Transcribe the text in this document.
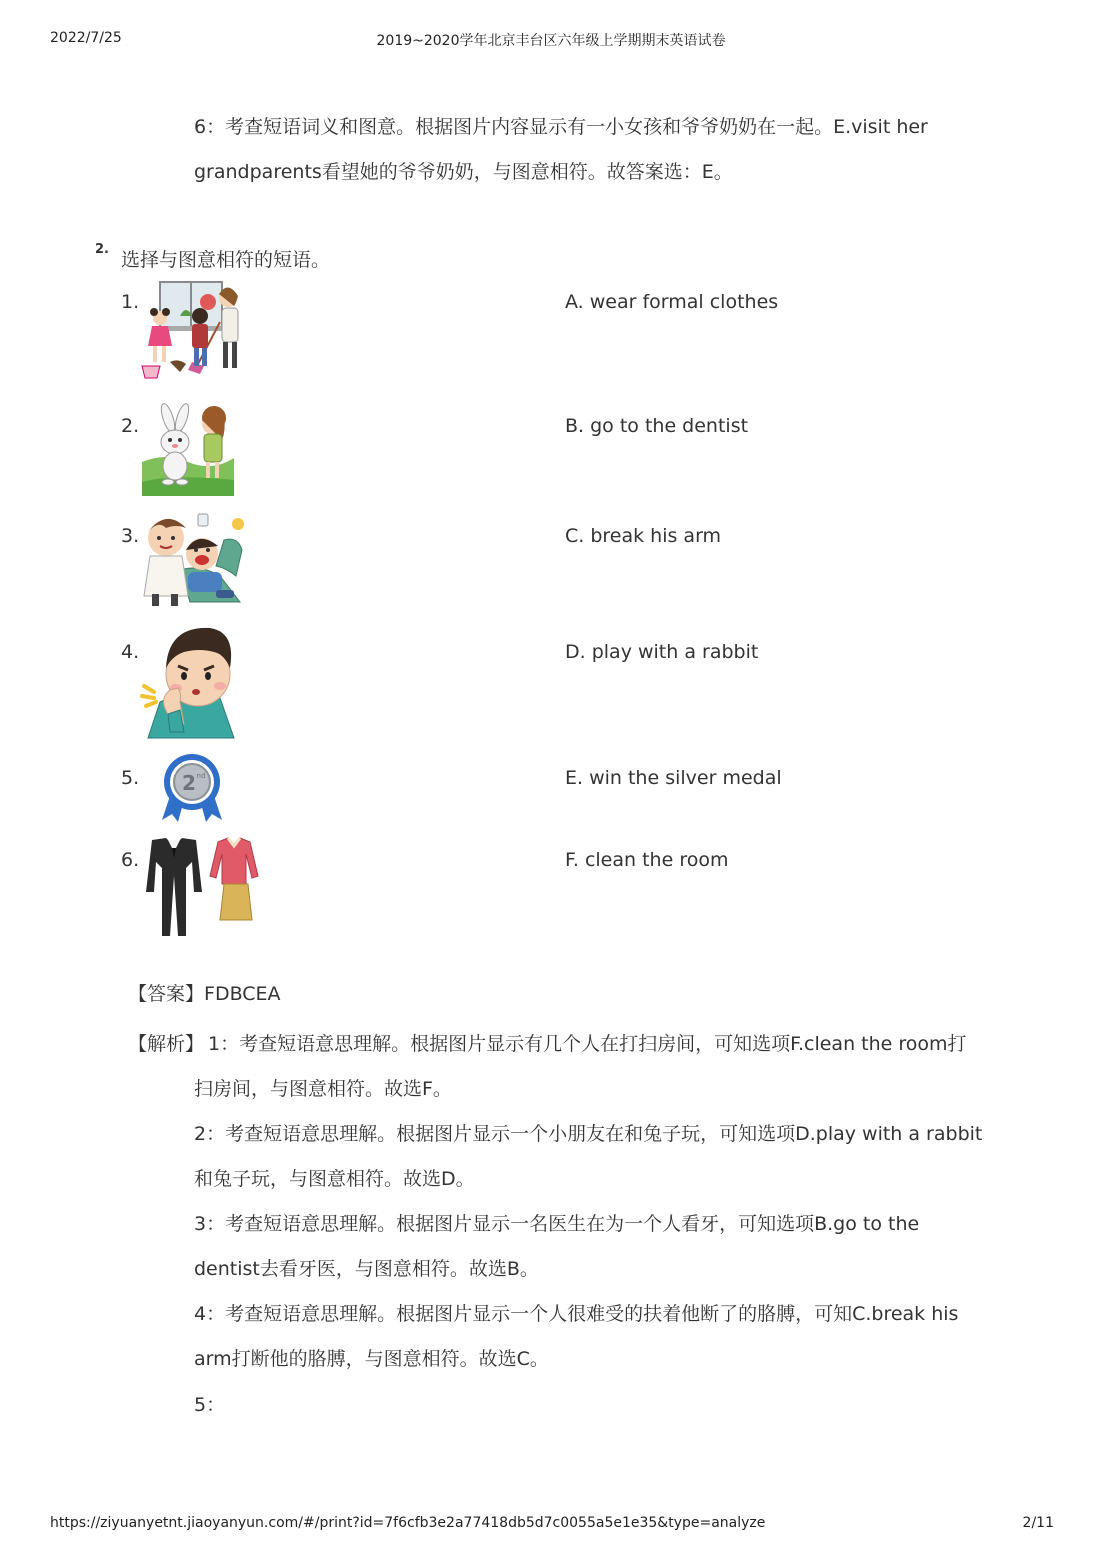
2022/7/25	2019~2020学年北京丰台区六年级上学期期末英语试卷
6：考查短语词义和图意。根据图片内容显示有一小女孩和爷爷奶奶在一起。E.visit her
grandparents看望她的爷爷奶奶，与图意相符。故答案选：E。
2. 选择与图意相符的短语。
1.
2.
3.
4.
5.
6.
2 nd
A. wear formal clothes
B. go to the dentist
C. break his arm
D. play with a rabbit
E. win the silver medal
F. clean the room
【答案】FDBCEA
【解析】 1：考查短语意思理解。根据图片显示有几个人在打扫房间，可知选项F.clean the room打
扫房间，与图意相符。故选F。
2：考查短语意思理解。根据图片显示一个小朋友在和兔子玩，可知选项D.play with a rabbit
和兔子玩，与图意相符。故选D。
3：考查短语意思理解。根据图片显示一名医生在为一个人看牙，可知选项B.go to the
dentist去看牙医，与图意相符。故选B。
4：考查短语意思理解。根据图片显示一个人很难受的扶着他断了的胳膊，可知C.break his
arm打断他的胳膊，与图意相符。故选C。
5：
https://ziyuanyetnt.jiaoyanyun.com/#/print?id=7f6cfb3e2a77418db5d7c0055a5e1e35&type=analyze	2/11
